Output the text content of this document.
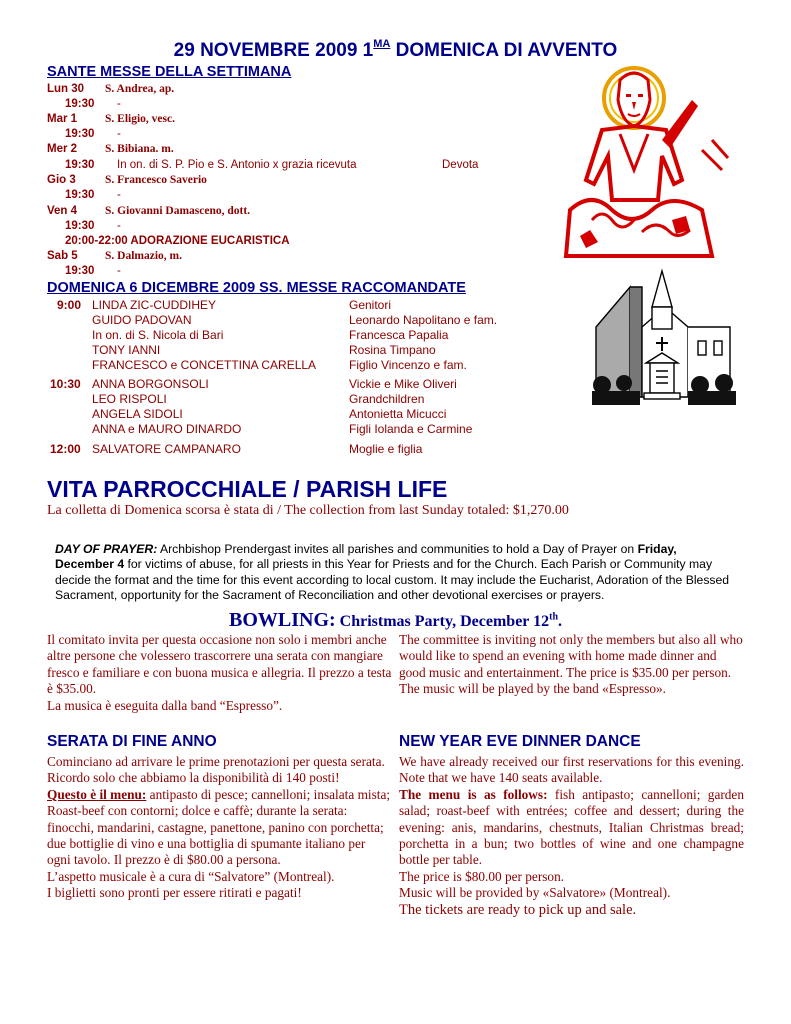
29 NOVEMBRE 2009 $1^{MA}$ DOMENICA DI AVVENTO
SANTE MESSE DELLA SETTIMANA
Lun 30 S. Andrea, ap.
19:30 -
Mar 1 S. Eligio, vesc.
19:30 -
Mer 2 S. Bibiana. m.
19:30 In on. di S. P. Pio e S. Antonio x grazia ricevuta	Devota
Gio 3	S. Francesco Saverio
19:30 -
Ven 4 S. Giovanni Damasceno, dott.
19:30 -
20:00-22:00 ADORAZIONE EUCARISTICA
Sab 5 S. Dalmazio, m.
19:30 -
DOMENICA 6 DICEMBRE 2009 SS. MESSE RACCOMANDATE
9:00 LINDA ZIC-CUDDIHEY	Genitori
GUIDO PADOVAN	Leonardo Napolitano e fam.
In on. di S. Nicola di Bari	Francesca Papalia
TONY IANNI	Rosina Timpano
FRANCESCO e CONCETTINA CARELLA	Figlio Vincenzo e fam.
10:30 ANNA BORGONSOLI	Vickie e Mike Oliveri
LEO RISPOLI	Grandchildren
ANGELA SIDOLI	Antonietta Micucci
ANNA e MAURO DINARDO	Figli Iolanda e Carmine
12:00 SALVATORE CAMPANARO	Moglie e figlia
VITA PARROCCHIALE / PARISH LIFE
La colletta di Domenica scorsa è stata di / The collection from last Sunday totaled: $1,270.00
DAY OF PRAYER: Archbishop Prendergast invites all parishes and communities to hold a Day of Prayer on Friday, December 4 for victims of abuse, for all priests in this Year for Priests and for the Church. Each Parish or Community may decide the format and the time for this event according to local custom. It may include the Eucharist, Adoration of the Blessed Sacrament, opportunity for the Sacrament of Reconciliation and other devotional exercises or prayers.
BOWLING: Christmas Party, December 12th.

Il comitato invita per questa occasione non solo i membri anche altre persone che volessero trascorrere una serata con mangiare fresco e familiare e con buona musica e allegria. Il prezzo a testa è $35.00.

La musica è eseguita dalla band “Espresso”.

The committee is inviting not only the members but also all who would like to spend an evening with home made dinner and good music and entertainment. The price is $35.00 per person.

The music will be played by the band «Espresso».

SERATA DI FINE ANNO	NEW YEAR EVE DINNER DANCE

Cominciano ad arrivare le prime prenotazioni per questa serata. Ricordo solo che abbiamo la disponibilità di 140 posti!

Questo è il menu: antipasto di pesce; cannelloni; insalata mista; Roast-beef con contorni; dolce e caffè; durante la serata: finocchi, mandarini, castagne, panettone, panino con porchetta; due bottiglie di vino e una bottiglia di spumante italiano per ogni tavolo. Il prezzo è di $80.00 a persona.

L’aspetto musicale è a cura di “Salvatore” (Montreal).

I biglietti sono pronti per essere ritirati e pagati!

We have already received our first reservations for this evening. Note that we have 140 seats available.

The menu is as follows: fish antipasto; cannelloni; garden salad; roast-beef with entrées; coffee and dessert; during the evening: anis, mandarins, chestnuts, Italian Christmas bread; porchetta in a bun; two bottles of wine and one champagne bottle per table.

The price is $80.00 per person.

Music will be provided by «Salvatore» (Montreal).

The tickets are ready to pick up and sale.
